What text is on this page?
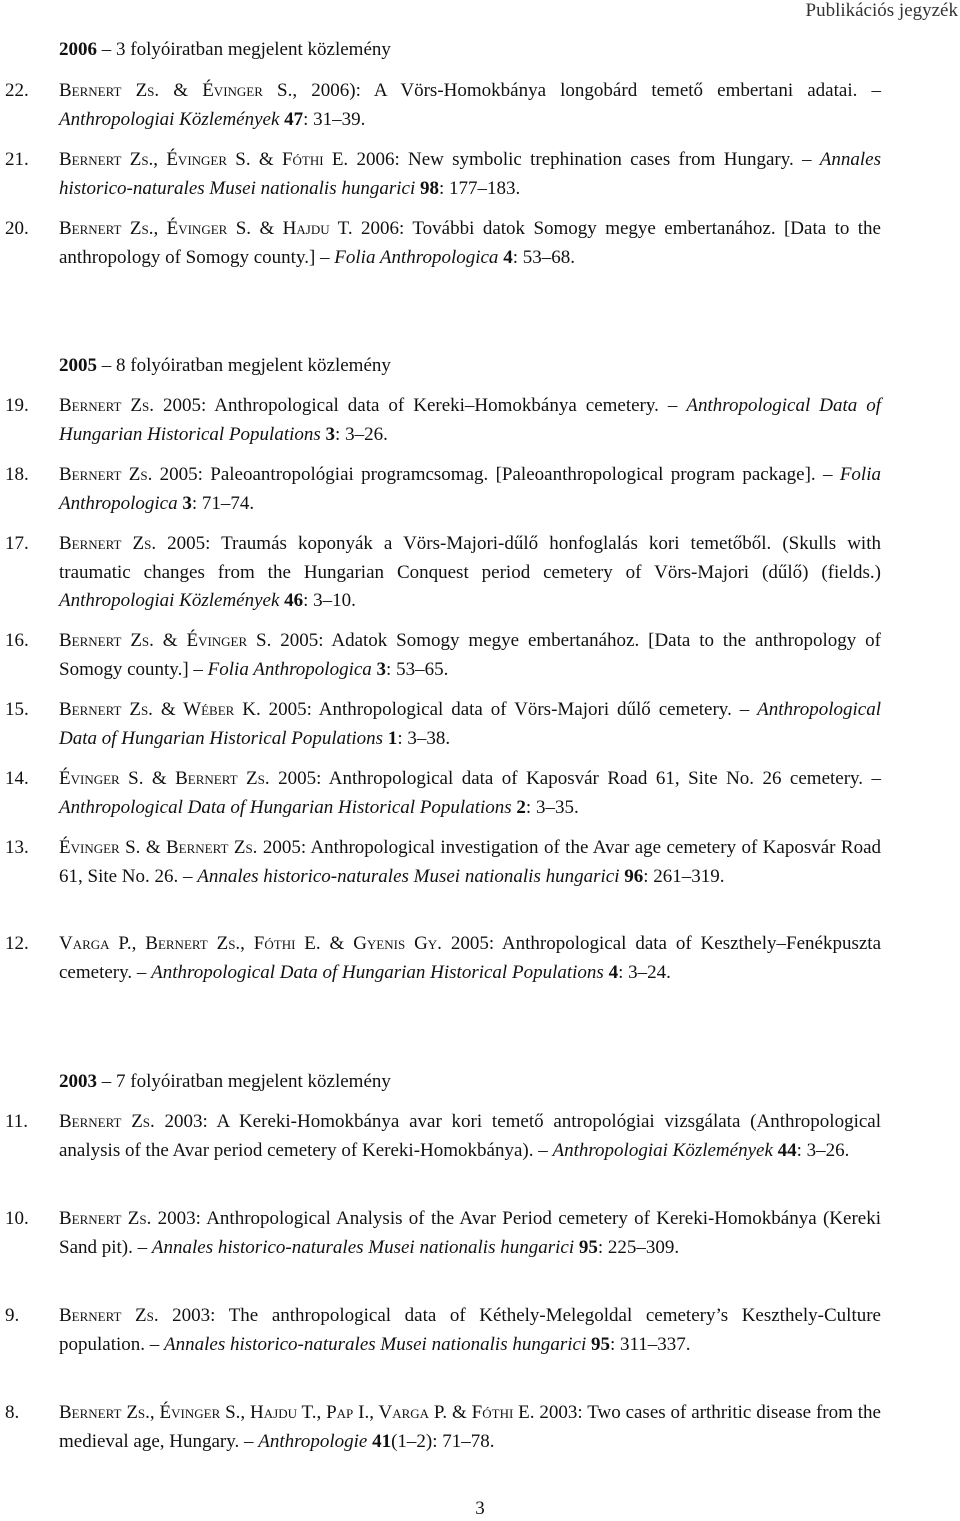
Publikációs jegyzék
2006 – 3 folyóiratban megjelent közlemény
22. Bernert Zs. & Évinger S., 2006): A Vörs-Homokbánya longobárd temető embertani adatai. – Anthropologiai Közlemények 47: 31–39.
21. Bernert Zs., Évinger S. & Fóthi E. 2006: New symbolic trephination cases from Hungary. – Annales historico-naturales Musei nationalis hungarici 98: 177–183.
20. Bernert Zs., Évinger S. & Hajdu T. 2006: További datok Somogy megye embertanához. [Data to the anthropology of Somogy county.] – Folia Anthropologica 4: 53–68.
2005 – 8 folyóiratban megjelent közlemény
19. Bernert Zs. 2005: Anthropological data of Kereki–Homokbánya cemetery. – Anthropological Data of Hungarian Historical Populations 3: 3–26.
18. Bernert Zs. 2005: Paleoantropológiai programcsomag. [Paleoanthropological program package]. – Folia Anthropologica 3: 71–74.
17. Bernert Zs. 2005: Traumás koponyák a Vörs-Majori-dűlő honfoglalás kori temetőből. (Skulls with traumatic changes from the Hungarian Conquest period cemetery of Vörs-Majori (dűlő) (fields.) Anthropologiai Közlemények 46: 3–10.
16. Bernert Zs. & Évinger S. 2005: Adatok Somogy megye embertanához. [Data to the anthropology of Somogy county.] – Folia Anthropologica 3: 53–65.
15. Bernert Zs. & Wéber K. 2005: Anthropological data of Vörs-Majori dűlő cemetery. – Anthropological Data of Hungarian Historical Populations 1: 3–38.
14. Évinger S. & Bernert Zs. 2005: Anthropological data of Kaposvár Road 61, Site No. 26 cemetery. – Anthropological Data of Hungarian Historical Populations 2: 3–35.
13. Évinger S. & Bernert Zs. 2005: Anthropological investigation of the Avar age cemetery of Kaposvár Road 61, Site No. 26. – Annales historico-naturales Musei nationalis hungarici 96: 261–319.
12. Varga P., Bernert Zs., Fóthi E. & Gyenis Gy. 2005: Anthropological data of Keszthely–Fenékpuszta cemetery. – Anthropological Data of Hungarian Historical Populations 4: 3–24.
2003 – 7 folyóiratban megjelent közlemény
11. Bernert Zs. 2003: A Kereki-Homokbánya avar kori temető antropológiai vizsgálata (Anthropological analysis of the Avar period cemetery of Kereki-Homokbánya). – Anthropologiai Közlemények 44: 3–26.
10. Bernert Zs. 2003: Anthropological Analysis of the Avar Period cemetery of Kereki-Homokbánya (Kereki Sand pit). – Annales historico-naturales Musei nationalis hungarici 95: 225–309.
9. Bernert Zs. 2003: The anthropological data of Kéthely-Melegoldal cemetery’s Keszthely-Culture population. – Annales historico-naturales Musei nationalis hungarici 95: 311–337.
8. Bernert Zs., Évinger S., Hajdu T., Pap I., Varga P. & Fóthi E. 2003: Two cases of arthritic disease from the medieval age, Hungary. – Anthropologie 41(1–2): 71–78.
3
